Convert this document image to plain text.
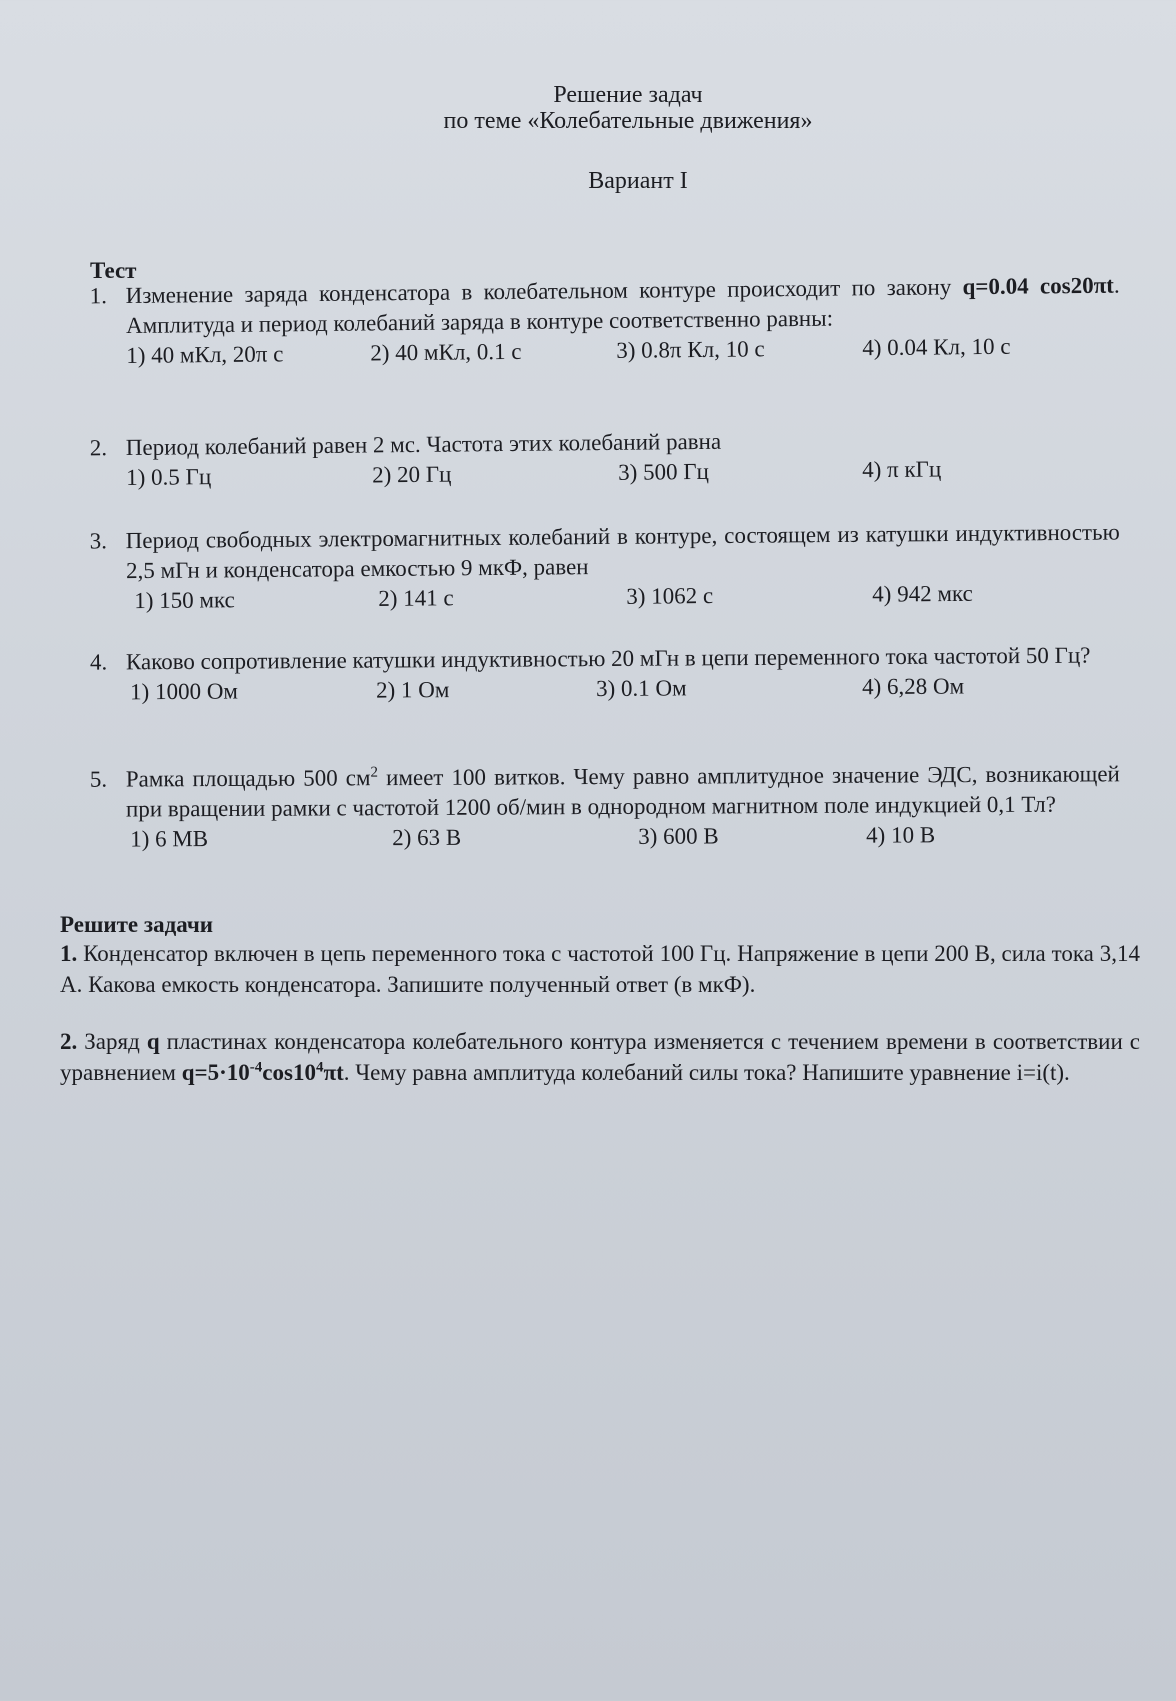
Решение задач
по теме «Колебательные движения»
Вариант I
Тест
1. Изменение заряда конденсатора в колебательном контуре происходит по закону q=0.04 cos20πt. Амплитуда и период колебаний заряда в контуре соответственно равны:
1) 40 мКл, 20π с	2) 40 мКл, 0.1 с	3) 0.8π Кл, 10 с	4) 0.04 Кл, 10 с
2. Период колебаний равен 2 мс. Частота этих колебаний равна
1) 0.5 Гц	2) 20 Гц	3) 500 Гц	4) π кГц
3. Период свободных электромагнитных колебаний в контуре, состоящем из катушки индуктивностью 2,5 мГн и конденсатора емкостью 9 мкФ, равен
1) 150 мкс	2) 141 с	3) 1062 с	4) 942 мкс
4. Каково сопротивление катушки индуктивностью 20 мГн в цепи переменного тока частотой 50 Гц?
1) 1000 Ом	2) 1 Ом	3) 0.1 Ом	4) 6,28 Ом
5. Рамка площадью 500 $см^2$ имеет 100 витков. Чему равно амплитудное значение ЭДС, возникающей при вращении рамки с частотой 1200 об/мин в однородном магнитном поле индукцией 0,1 Тл?
1) 6 МВ	2) 63 В	3) 600 В	4) 10 В
Решите задачи
1. Конденсатор включен в цепь переменного тока с частотой 100 Гц. Напряжение в цепи 200 В, сила тока 3,14 А. Какова емкость конденсатора. Запишите полученный ответ (в мкФ).
2. Заряд q пластинах конденсатора колебательного контура изменяется с течением времени в соответствии с уравнением $q=5\cdot 10^{-4}\cos 10^4\pi t$. Чему равна амплитуда колебаний силы тока? Напишите уравнение i=i(t).
